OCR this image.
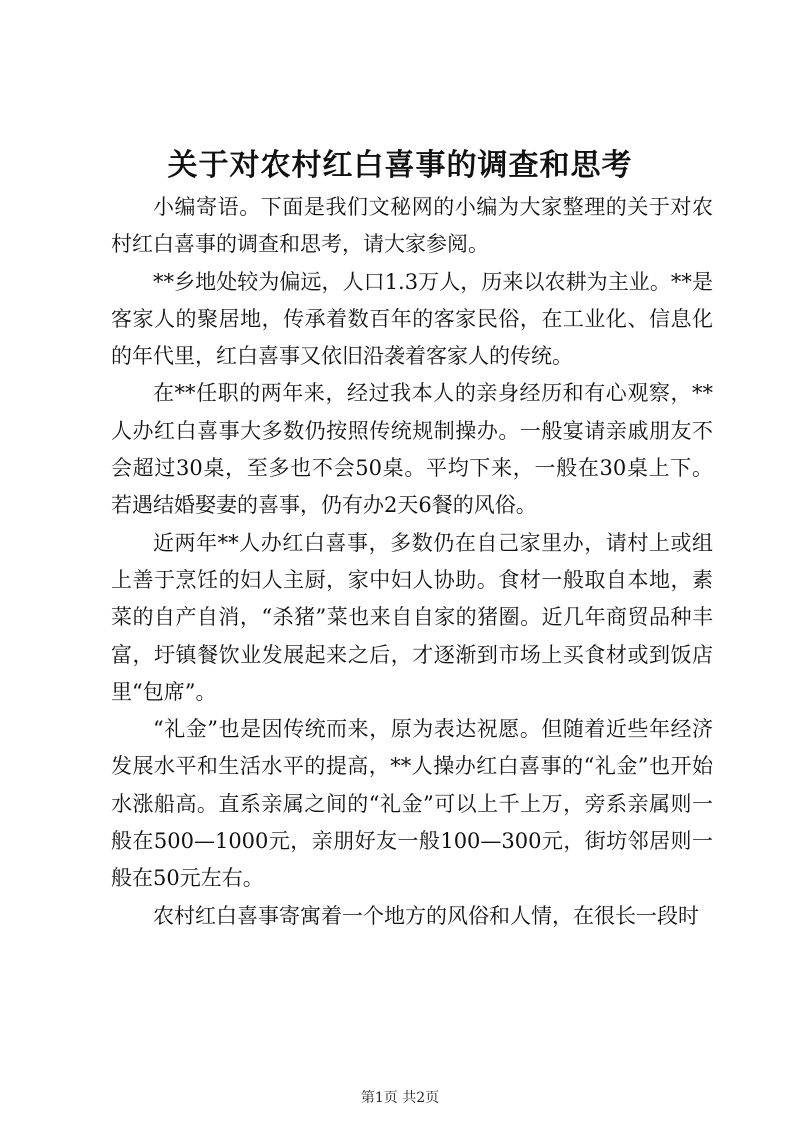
关于对农村红白喜事的调查和思考

小编寄语。下面是我们文秘网的小编为大家整理的关于对农村红白喜事的调查和思考，请大家参阅。

**乡地处较为偏远，人口1.3万人，历来以农耕为主业。**是客家人的聚居地，传承着数百年的客家民俗，在工业化、信息化的年代里，红白喜事又依旧沿袭着客家人的传统。

在**任职的两年来，经过我本人的亲身经历和有心观察，**人办红白喜事大多数仍按照传统规制操办。一般宴请亲戚朋友不会超过30桌，至多也不会50桌。平均下来，一般在30桌上下。若遇结婚娶妻的喜事，仍有办2天6餐的风俗。

近两年**人办红白喜事，多数仍在自己家里办，请村上或组上善于烹饪的妇人主厨，家中妇人协助。食材一般取自本地，素菜的自产自消，“杀猪”菜也来自自家的猪圈。近几年商贸品种丰富，圩镇餐饮业发展起来之后，才逐渐到市场上买食材或到饭店里“包席”。

“礼金”也是因传统而来，原为表达祝愿。但随着近些年经济发展水平和生活水平的提高，**人操办红白喜事的“礼金”也开始水涨船高。直系亲属之间的“礼金”可以上千上万，旁系亲属则一般在500—1000元，亲朋好友一般100—300元，街坊邻居则一般在50元左右。

农村红白喜事寄寓着一个地方的风俗和人情，在很长一段时

第1页 共2页
